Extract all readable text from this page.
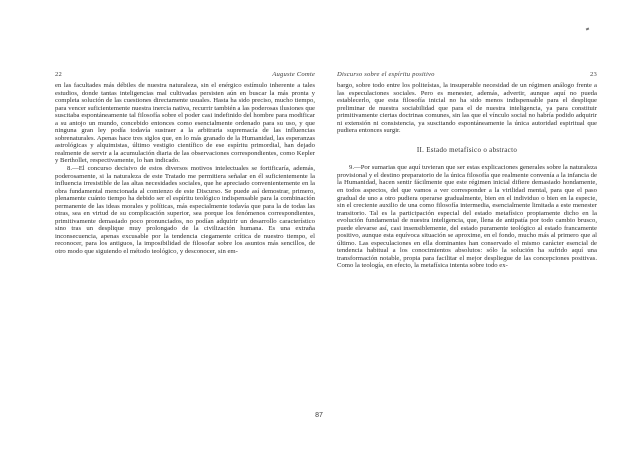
22	Auguste Comte

en las facultades más débiles de nuestra naturaleza, sin el enérgico estímulo inherente a tales estudios, donde tantas inteligencias mal cultivadas persisten aún en buscar la más pronta y completa solución de las cuestiones directamente usuales. Hasta ha sido preciso, mucho tiempo, para vencer suficientemente nuestra inercia nativa, recurrir también a las poderosas ilusiones que suscitaba espontáneamente tal filosofía sobre el poder casi indefinido del hombre para modificar a su antojo un mundo, concebido entonces como esencialmente ordenado para su uso, y que ninguna gran ley podía todavía sustraer a la arbitraria supremacía de las influencias sobrenaturales. Apenas hace tres siglos que, en lo más granado de la Humanidad, las esperanzas astrológicas y alquimistas, último vestigio científico de ese espíritu primordial, han dejado realmente de servir a la acumulación diaria de las observaciones correspondientes, como Kepler y Berthollet, respectivamente, lo han indicado.

8.—El concurso decisivo de estos diversos motivos intelectuales se fortificaría, además, poderosamente, si la naturaleza de este Tratado me permitiera señalar en él suficientemente la influencia irresistible de las altas necesidades sociales, que he apreciado convenientemente en la obra fundamental mencionada al comienzo de este Discurso. Se puede así demostrar, primero, plenamente cuánto tiempo ha debido ser el espíritu teológico indispensable para la combinación permanente de las ideas morales y políticas, más especialmente todavía que para la de todas las otras, sea en virtud de su complicación superior, sea porque los fenómenos correspondientes, primitivamente demasiado poco pronunciados, no podían adquirir un desarrollo característico sino tras un desplique muy prolongado de la civilización humana. Es una extraña inconsecuencia, apenas excusable por la tendencia ciegamente crítica de nuestro tiempo, el reconocer, para los antiguos, la imposibilidad de filosofar sobre los asuntos más sencillos, de otro modo que siguiendo el método teológico, y desconocer, sin em-

Discurso sobre el espíritu positivo	23

bargo, sobre todo entre los politeístas, la insuperable necesidad de un régimen análogo frente a las especulaciones sociales. Pero es menester, además, advertir, aunque aquí no pueda establecerlo, que esta filosofía inicial no ha sido menos indispensable para el desplique preliminar de nuestra sociabilidad que para el de nuestra inteligencia, ya para constituir primitivamente ciertas doctrinas comunes, sin las que el vínculo social no habría podido adquirir ni extensión ni consistencia, ya suscitando espontáneamente la única autoridad espiritual que pudiera entonces surgir.

II. Estado metafísico o abstracto

9.—Por sumarias que aquí tuvieran que ser estas explicaciones generales sobre la naturaleza provisional y el destino preparatorio de la única filosofía que realmente convenía a la infancia de la Humanidad, hacen sentir fácilmente que este régimen inicial difiere demasiado hondamente, en todos aspectos, del que vamos a ver corresponder a la virilidad mental, para que el paso gradual de uno a otro pudiera operarse gradualmente, bien en el individuo o bien en la especie, sin el creciente auxilio de una como filosofía intermedia, esencialmente limitada a este menester transitorio. Tal es la participación especial del estado metafísico propiamente dicho en la evolución fundamental de nuestra inteligencia, que, llena de antipatía por todo cambio brusco, puede elevarse así, casi insensiblemente, del estado puramente teológico al estado francamente positivo, aunque esta equívoca situación se aproxime, en el fondo, mucho más al primero que al último. Las especulaciones en ella dominantes han conservado el mismo carácter esencial de tendencia habitual a los conocimientos absolutos: sólo la solución ha sufrido aquí una transformación notable, propia para facilitar el mejor despliegue de las concepciones positivas. Como la teología, en efecto, la metafísica intenta sobre todo ex-

87
